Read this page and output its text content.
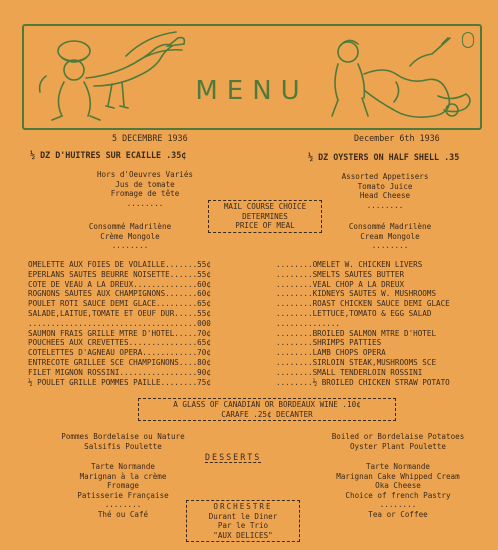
MENU
5 DECEMBRE 1936	December 6th 1936
½ DZ D'HUITRES SUR ECAILLE .35¢	½ DZ OYSTERS ON HALF SHELL .35
Hors d'Oeuvres Variés
Jus de tomate
Fromage de tête
........
Assorted Appetisers
Tomato Juice
Head Cheese
........
MAIL COURSE CHOICE
DETERMINES
PRICE OF MEAL
Consommé Madrilène
Crème Mongole
........
Consommé Madrilène
Cream Mongole
........
OMELETTE AUX FOIES DE VOLAILLE.......55¢
EPERLANS SAUTES BEURRE NOISETTE......55¢
COTE DE VEAU A LA DREUX..............60¢
ROGNONS SAUTES AUX CHAMPIGNONS.......60¢
POULET ROTI SAUCE DEMI GLACE.........65¢
SALADE,LAITUE,TOMATE ET OEUF DUR.....55¢
.....................................000
SAUMON FRAIS GRILLE MTRE D'HOTEL.....70¢
POUCHEES AUX CREVETTES...............65¢
COTELETTES D'AGNEAU OPERA............70¢
ENTRECOTE GRILLEE SCE CHAMPIGNONS....80¢
FILET MIGNON ROSSINI.................90¢
½ POULET GRILLE POMMES PAILLE........75¢
........OMELET W. CHICKEN LIVERS
........SMELTS SAUTES BUTTER
........VEAL CHOP A LA DREUX
........KIDNEYS SAUTES W. MUSHROOMS
........ROAST CHICKEN SAUCE DEMI GLACE
........LETTUCE,TOMATO & EGG SALAD
..............
........BROILED SALMON MTRE D'HOTEL
........SHRIMPS PATTIES
........LAMB CHOPS OPERA
........SIRLOIN STEAK,MUSHROOMS SCE
........SMALL TENDERLOIN ROSSINI
........½ BROILED CHICKEN STRAW POTATO
A GLASS OF CANADIAN OR BORDEAUX WINE .10¢
CARAFE .25¢ DECANTER
Pommes Bordelaise ou Nature
Salsifis Poulette
Boiled or Bordelaise Potatoes
Oyster Plant Poulette
DESSERTS
Tarte Normande
Marignan à la crème
Fromage
Patisserie Française
........
Thé ou Café
Tarte Normande
Marignan Cake Whipped Cream
Oka Cheese
Choice of french Pastry
........
Tea or Coffee
ORCHESTRE
Durant le Diner
Par le Trio
"AUX DELICES"
